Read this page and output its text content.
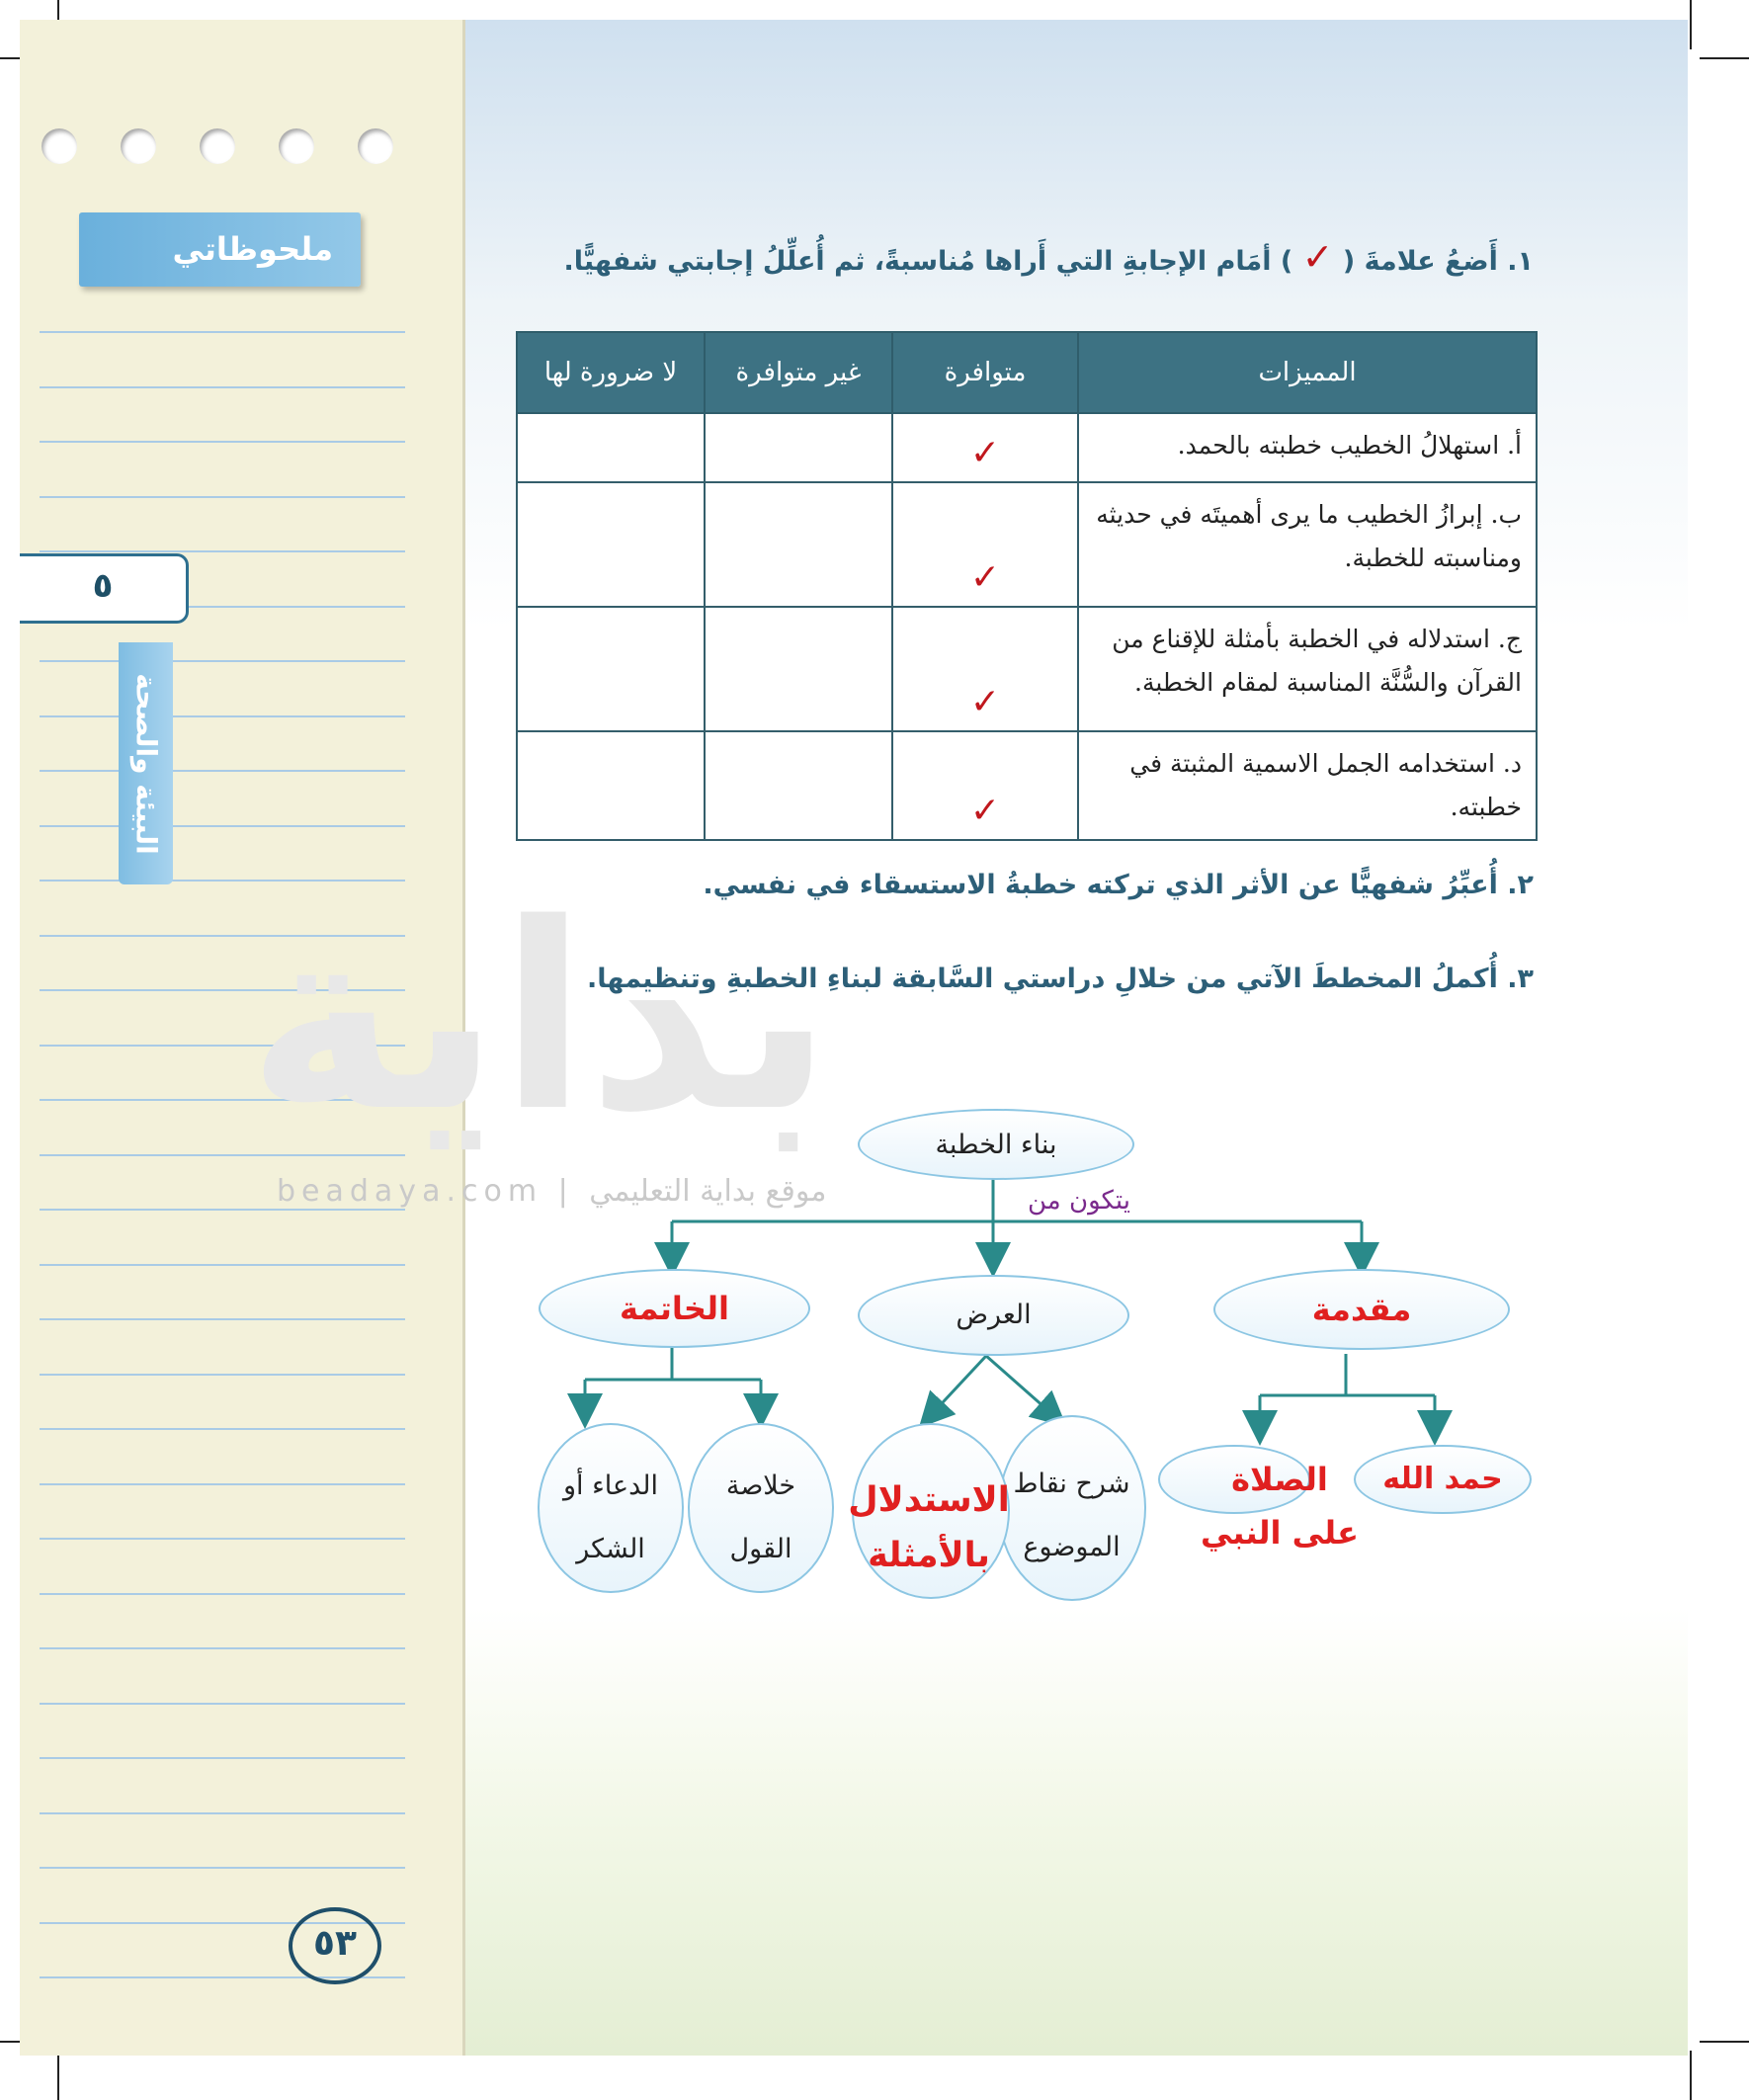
ملحوظاتي
٥
البيئة والصحة
٥٣
بداية
beadaya.com | موقع بداية التعليمي
١. أَضعُ علامةَ ( ✓ ) أمَام الإجابةِ التي أَراها مُناسبةً، ثم أُعلِّلُ إجابتي شفهيًّا.
المميزات	متوافرة	غير متوافرة	لا ضرورة لها
أ. استهلالُ الخطيب خطبته بالحمد.	✓		
ب. إبرازُ الخطيب ما يرى أهميتَه في حديثه ومناسبته للخطبة.	✓		
ج. استدلاله في الخطبة بأمثلة للإقناع من القرآن والسُّنَّة المناسبة لمقام الخطبة.	✓		
د. استخدامه الجمل الاسمية المثبتة في خطبته.	✓		
٢. أُعبِّرُ شفهيًّا عن الأثر الذي تركته خطبةُ الاستسقاء في نفسي.
٣. أُكملُ المخططَ الآتي من خلالِ دراستي السَّابقة لبناءِ الخطبةِ وتنظيمها.
بناء الخطبة
يتكون من
مقدمة
العرض
الخاتمة
حمد الله
الصلاة على النبي
شرح نقاط الموضوع
الاستدلال بالأمثلة
خلاصة القول
الدعاء أو الشكر
